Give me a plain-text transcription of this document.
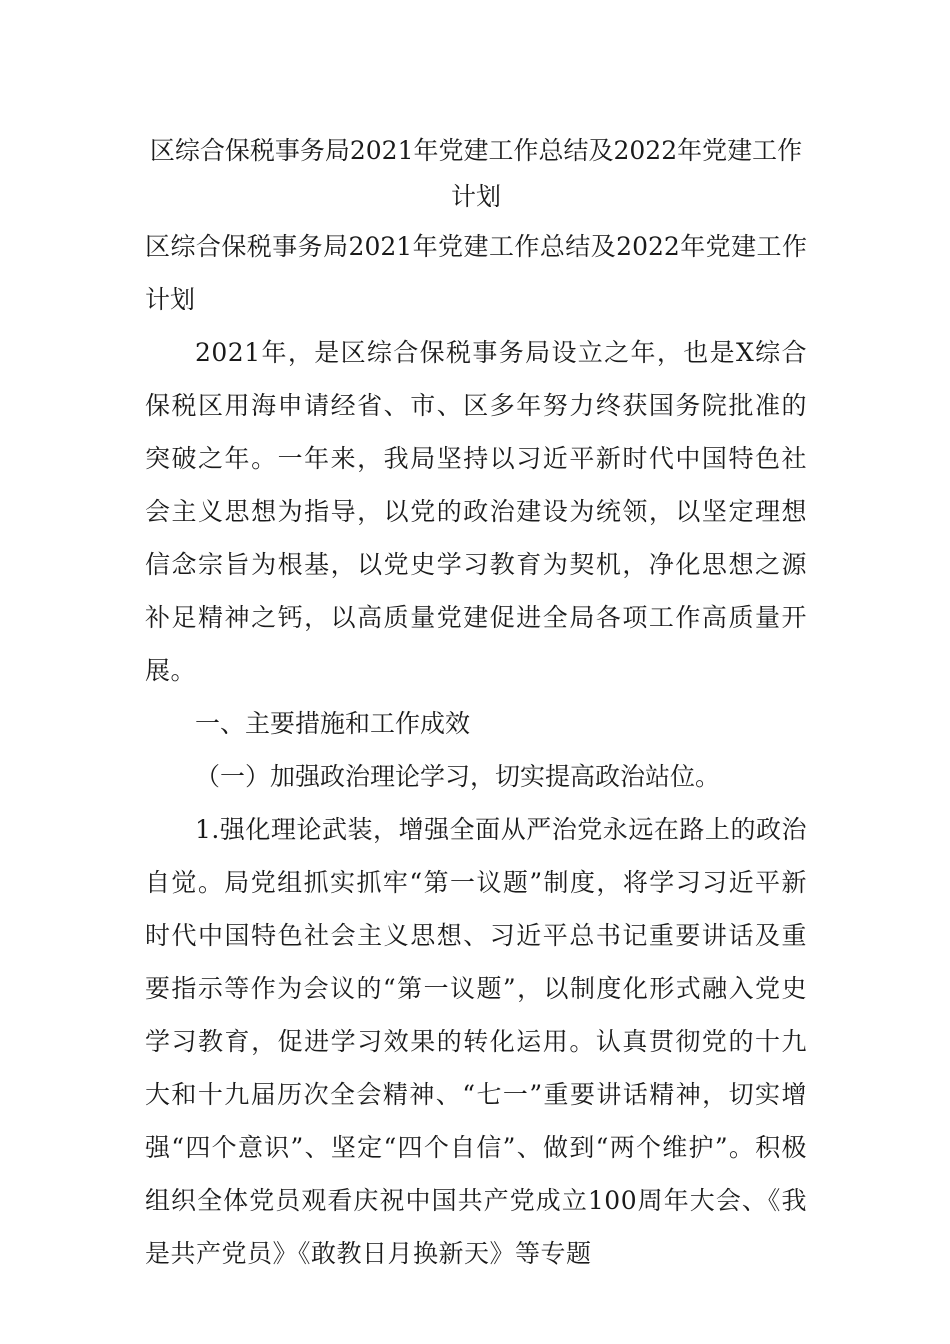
区综合保税事务局2021年党建工作总结及2022年党建工作计划

区综合保税事务局2021年党建工作总结及2022年党建工作计划

2021年，是区综合保税事务局设立之年，也是X综合保税区用海申请经省、市、区多年努力终获国务院批准的突破之年。一年来，我局坚持以习近平新时代中国特色社会主义思想为指导，以党的政治建设为统领，以坚定理想信念宗旨为根基，以党史学习教育为契机，净化思想之源补足精神之钙，以高质量党建促进全局各项工作高质量开展。

一、主要措施和工作成效

（一）加强政治理论学习，切实提高政治站位。

1.强化理论武装，增强全面从严治党永远在路上的政治自觉。局党组抓实抓牢“第一议题”制度，将学习习近平新时代中国特色社会主义思想、习近平总书记重要讲话及重要指示等作为会议的“第一议题”，以制度化形式融入党史学习教育，促进学习效果的转化运用。认真贯彻党的十九大和十九届历次全会精神、“七一”重要讲话精神，切实增强“四个意识”、坚定“四个自信”、做到“两个维护”。积极组织全体党员观看庆祝中国共产党成立100周年大会、《我是共产党员》《敢教日月换新天》等专题
